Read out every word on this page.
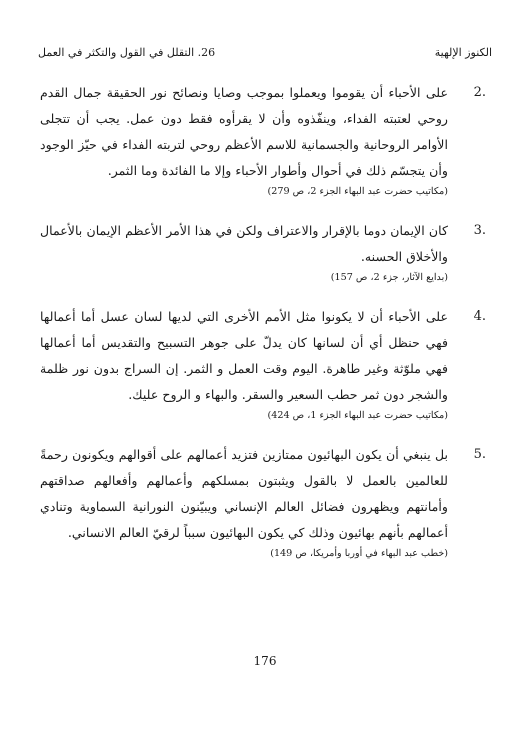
الكنوز الإلهية
26. التقلل في القول والتكثر في العمل
2.
على الأحباء أن يقوموا ويعملوا بموجب وصايا ونصائح نور الحقيقة جمال القدم روحي لعتبته الفداء، وينفّذوه وأن لا يقرأوه فقط دون عمل. يجب أن تتجلى الأوامر الروحانية والجسمانية للاسم الأعظم روحي لتربته الفداء في حيّز الوجود وأن يتجسّم ذلك في أحوال وأطوار الأحباء وإلا ما الفائدة وما الثمر.
(مكاتيب حضرت عبد البهاء الجزء 2، ص 279)
3.
كان الإيمان دوما بالإقرار والاعتراف ولكن في هذا الأمر الأعظم الإيمان بالأعمال والأخلاق الحسنه.
(بدايع الآثار، جزء 2، ص 157)
4.
على الأحباء أن لا يكونوا مثل الأمم الأخرى التي لديها لسان عسل أما أعمالها فهي حنظل أي أن لسانها كان يدلّ على جوهر التسبيح والتقديس أما أعمالها فهي ملوّثة وغير طاهرة. اليوم وقت العمل و الثمر. إن السراج بدون نور ظلمة والشجر دون ثمر حطب السعير والسقر. والبهاء و الروح عليك.
(مكاتيب حضرت عبد البهاء الجزء 1، ص 424)
5.
بل ينبغي أن يكون البهائيون ممتازين فتزيد أعمالهم على أقوالهم ويكونون رحمةً للعالمين بالعمل لا بالقول ويثبتون بمسلكهم وأعمالهم وأفعالهم صداقتهم وأمانتهم ويظهرون فضائل العالم الإنساني ويبيّنون النورانية السماوية وتنادي أعمالهم بأنهم بهائيون وذلك كي يكون البهائيون سبباً لرقيّ العالم الانساني.
(خطب عبد البهاء في أوربا وأمريكا، ص 149)
176
